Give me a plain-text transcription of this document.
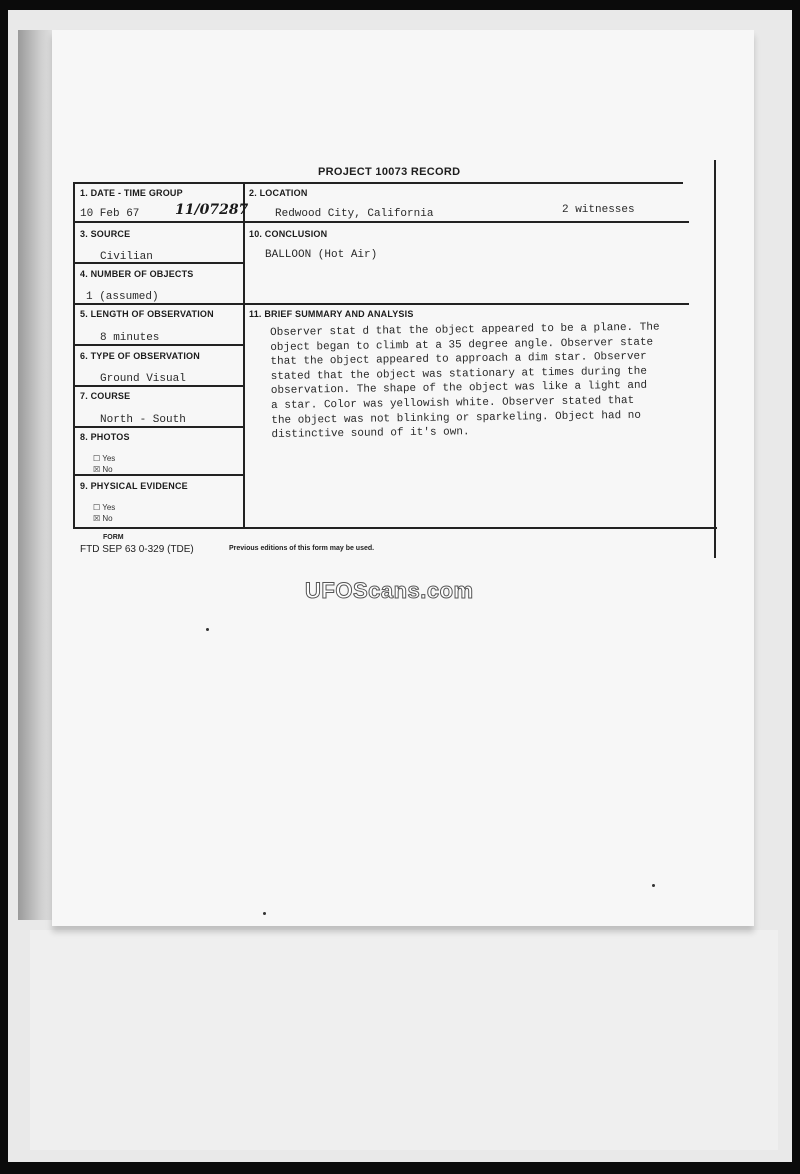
PROJECT 10073 RECORD
1. DATE - TIME GROUP
10 Feb 67	11/07287
2. LOCATION
Redwood City, California	2 witnesses
3. SOURCE
Civilian
10. CONCLUSION
BALLOON (Hot Air)
4. NUMBER OF OBJECTS
1 (assumed)
5. LENGTH OF OBSERVATION
8 minutes
11. BRIEF SUMMARY AND ANALYSIS
Observer stat d that the object appeared to be a plane. The
object began to climb at a 35 degree angle. Observer state
that the object appeared to approach a dim star. Observer
stated that the object was stationary at times during the
observation. The shape of the object was like a light and
a star. Color was yellowish white. Observer stated that
the object was not blinking or sparkeling. Object had no
distinctive sound of it's own.
6. TYPE OF OBSERVATION
Ground Visual
7. COURSE
North - South
8. PHOTOS
☐ Yes
☒ No
9. PHYSICAL EVIDENCE
☐ Yes
☒ No
FORM
FTD SEP 63 0-329 (TDE)	Previous editions of this form may be used.
UFOScans.com
